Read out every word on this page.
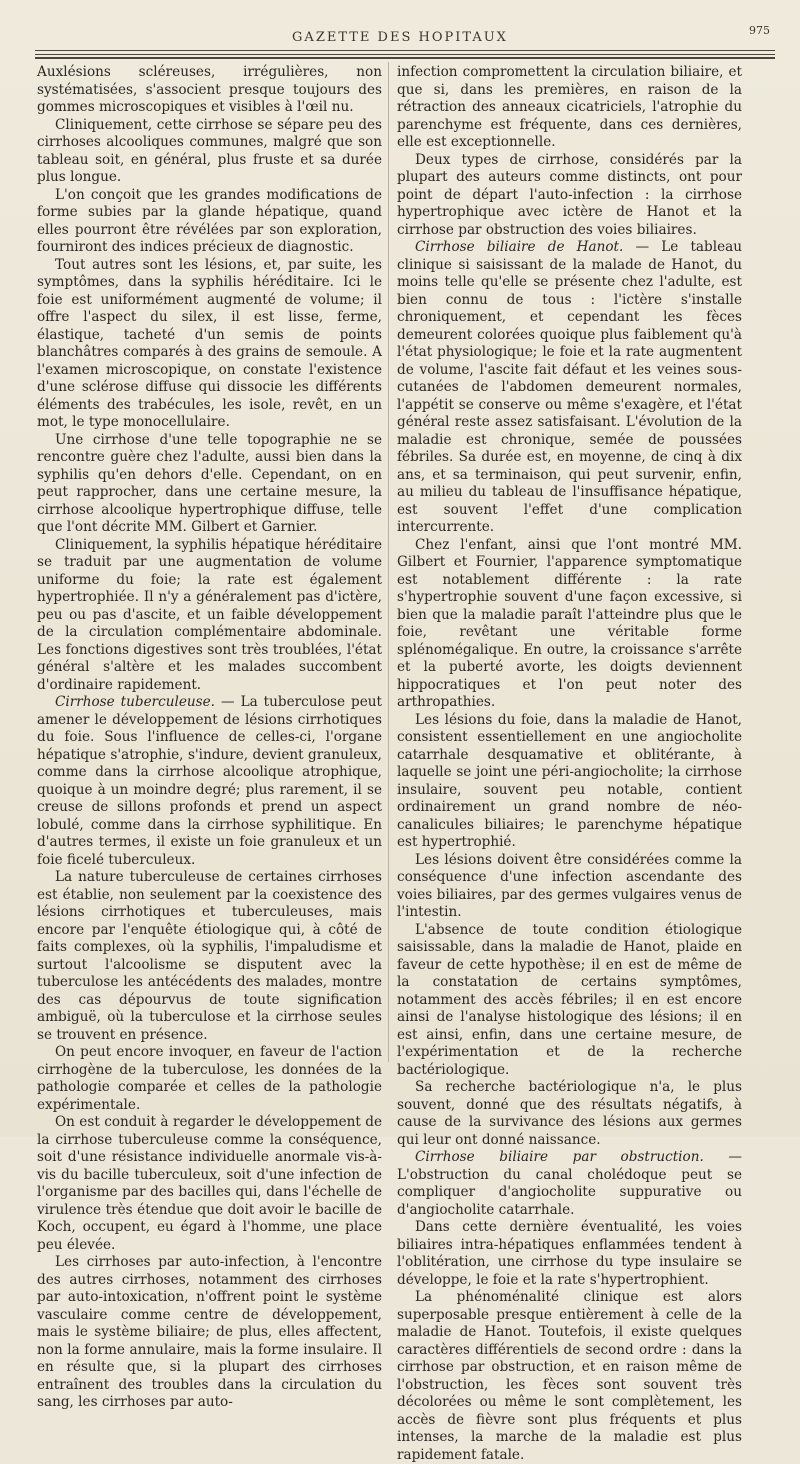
GAZETTE DES HOPITAUX	975

Auxlésions scléreuses, irrégulières, non systématisées, s'associent presque toujours des gommes microscopiques et visibles à l'œil nu.

Cliniquement, cette cirrhose se sépare peu des cirrhoses alcooliques communes, malgré que son tableau soit, en général, plus fruste et sa durée plus longue.

L'on conçoit que les grandes modifications de forme subies par la glande hépatique, quand elles pourront être révélées par son exploration, fourniront des indices précieux de diagnostic.

Tout autres sont les lésions, et, par suite, les symptômes, dans la syphilis héréditaire. Ici le foie est uniformément augmenté de volume; il offre l'aspect du silex, il est lisse, ferme, élastique, tacheté d'un semis de points blanchâtres comparés à des grains de semoule. A l'examen microscopique, on constate l'existence d'une sclérose diffuse qui dissocie les différents éléments des trabécules, les isole, revêt, en un mot, le type monocellulaire.

Une cirrhose d'une telle topographie ne se rencontre guère chez l'adulte, aussi bien dans la syphilis qu'en dehors d'elle. Cependant, on en peut rapprocher, dans une certaine mesure, la cirrhose alcoolique hypertrophique diffuse, telle que l'ont décrite MM. Gilbert et Garnier.

Cliniquement, la syphilis hépatique héréditaire se traduit par une augmentation de volume uniforme du foie; la rate est également hypertrophiée. Il n'y a généralement pas d'ictère, peu ou pas d'ascite, et un faible développement de la circulation complémentaire abdominale. Les fonctions digestives sont très troublées, l'état général s'altère et les malades succombent d'ordinaire rapidement.

Cirrhose tuberculeuse. — La tuberculose peut amener le développement de lésions cirrhotiques du foie. Sous l'influence de celles-ci, l'organe hépatique s'atrophie, s'indure, devient granuleux, comme dans la cirrhose alcoolique atrophique, quoique à un moindre degré; plus rarement, il se creuse de sillons profonds et prend un aspect lobulé, comme dans la cirrhose syphilitique. En d'autres termes, il existe un foie granuleux et un foie ficelé tuberculeux.

La nature tuberculeuse de certaines cirrhoses est établie, non seulement par la coexistence des lésions cirrhotiques et tuberculeuses, mais encore par l'enquête étiologique qui, à côté de faits complexes, où la syphilis, l'impaludisme et surtout l'alcoolisme se disputent avec la tuberculose les antécédents des malades, montre des cas dépourvus de toute signification ambiguë, où la tuberculose et la cirrhose seules se trouvent en présence.

On peut encore invoquer, en faveur de l'action cirrhogène de la tuberculose, les données de la pathologie comparée et celles de la pathologie expérimentale.

On est conduit à regarder le développement de la cirrhose tuberculeuse comme la conséquence, soit d'une résistance individuelle anormale vis-à-vis du bacille tuberculeux, soit d'une infection de l'organisme par des bacilles qui, dans l'échelle de virulence très étendue que doit avoir le bacille de Koch, occupent, eu égard à l'homme, une place peu élevée.

Les cirrhoses par auto-infection, à l'encontre des autres cirrhoses, notamment des cirrhoses par auto-intoxication, n'offrent point le système vasculaire comme centre de développement, mais le système biliaire; de plus, elles affectent, non la forme annulaire, mais la forme insulaire. Il en résulte que, si la plupart des cirrhoses entraînent des troubles dans la circulation du sang, les cirrhoses par auto-

infection compromettent la circulation biliaire, et que si, dans les premières, en raison de la rétraction des anneaux cicatriciels, l'atrophie du parenchyme est fréquente, dans ces dernières, elle est exceptionnelle.

Deux types de cirrhose, considérés par la plupart des auteurs comme distincts, ont pour point de départ l'auto-infection : la cirrhose hypertrophique avec ictère de Hanot et la cirrhose par obstruction des voies biliaires.

Cirrhose biliaire de Hanot. — Le tableau clinique si saisissant de la malade de Hanot, du moins telle qu'elle se présente chez l'adulte, est bien connu de tous : l'ictère s'installe chroniquement, et cependant les fèces demeurent colorées quoique plus faiblement qu'à l'état physiologique; le foie et la rate augmentent de volume, l'ascite fait défaut et les veines sous-cutanées de l'abdomen demeurent normales, l'appétit se conserve ou même s'exagère, et l'état général reste assez satisfaisant. L'évolution de la maladie est chronique, semée de poussées fébriles. Sa durée est, en moyenne, de cinq à dix ans, et sa terminaison, qui peut survenir, enfin, au milieu du tableau de l'insuffisance hépatique, est souvent l'effet d'une complication intercurrente.

Chez l'enfant, ainsi que l'ont montré MM. Gilbert et Fournier, l'apparence symptomatique est notablement différente : la rate s'hypertrophie souvent d'une façon excessive, si bien que la maladie paraît l'atteindre plus que le foie, revêtant une véritable forme splénomégalique. En outre, la croissance s'arrête et la puberté avorte, les doigts deviennent hippocratiques et l'on peut noter des arthropathies.

Les lésions du foie, dans la maladie de Hanot, consistent essentiellement en une angiocholite catarrhale desquamative et oblitérante, à laquelle se joint une péri-angiocholite; la cirrhose insulaire, souvent peu notable, contient ordinairement un grand nombre de néo-canalicules biliaires; le parenchyme hépatique est hypertrophié.

Les lésions doivent être considérées comme la conséquence d'une infection ascendante des voies biliaires, par des germes vulgaires venus de l'intestin.

L'absence de toute condition étiologique saisissable, dans la maladie de Hanot, plaide en faveur de cette hypothèse; il en est de même de la constatation de certains symptômes, notamment des accès fébriles; il en est encore ainsi de l'analyse histologique des lésions; il en est ainsi, enfin, dans une certaine mesure, de l'expérimentation et de la recherche bactériologique.

Sa recherche bactériologique n'a, le plus souvent, donné que des résultats négatifs, à cause de la survivance des lésions aux germes qui leur ont donné naissance.

Cirrhose biliaire par obstruction. — L'obstruction du canal cholédoque peut se compliquer d'angiocholite suppurative ou d'angiocholite catarrhale.

Dans cette dernière éventualité, les voies biliaires intra-hépatiques enflammées tendent à l'oblitération, une cirrhose du type insulaire se développe, le foie et la rate s'hypertrophient.

La phénoménalité clinique est alors superposable presque entièrement à celle de la maladie de Hanot. Toutefois, il existe quelques caractères différentiels de second ordre : dans la cirrhose par obstruction, et en raison même de l'obstruction, les fèces sont souvent très décolorées ou même le sont complètement, les accès de fièvre sont plus fréquents et plus intenses, la marche de la maladie est plus rapidement fatale.
